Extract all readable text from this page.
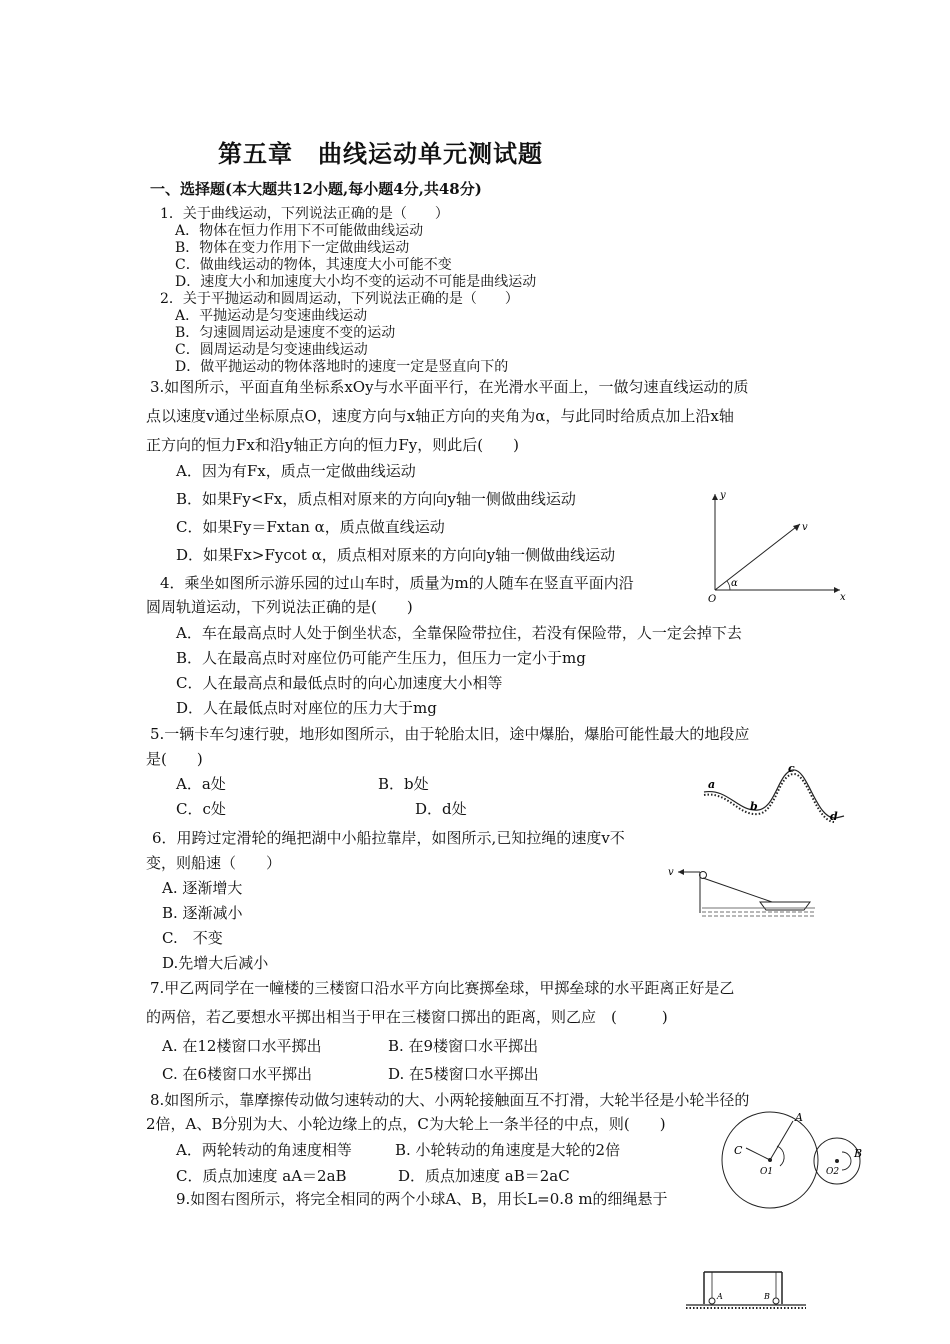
第五章　曲线运动单元测试题
一、选择题(本大题共12小题,每小题4分,共48分)
1．关于曲线运动，下列说法正确的是（　　）
A．物体在恒力作用下不可能做曲线运动
B．物体在变力作用下一定做曲线运动
C．做曲线运动的物体，其速度大小可能不变
D．速度大小和加速度大小均不变的运动不可能是曲线运动
2．关于平抛运动和圆周运动，下列说法正确的是（　　）
A．平抛运动是匀变速曲线运动
B．匀速圆周运动是速度不变的运动
C．圆周运动是匀变速曲线运动
D．做平抛运动的物体落地时的速度一定是竖直向下的
3.如图所示，平面直角坐标系xOy与水平面平行，在光滑水平面上，一做匀速直线运动的质
点以速度v通过坐标原点O，速度方向与x轴正方向的夹角为α，与此同时给质点加上沿x轴
正方向的恒力Fx和沿y轴正方向的恒力Fy，则此后(　　)
A．因为有Fx，质点一定做曲线运动
B．如果Fy<Fx，质点相对原来的方向向y轴一侧做曲线运动
C．如果Fy＝Fxtan α，质点做直线运动
D．如果Fx>Fycot α，质点相对原来的方向向y轴一侧做曲线运动
y
v
α
O	x
4．乘坐如图所示游乐园的过山车时，质量为m的人随车在竖直平面内沿
圆周轨道运动，下列说法正确的是(　　)
A．车在最高点时人处于倒坐状态，全靠保险带拉住，若没有保险带，人一定会掉下去
B．人在最高点时对座位仍可能产生压力，但压力一定小于mg
C．人在最高点和最低点时的向心加速度大小相等
D．人在最低点时对座位的压力大于mg
5.一辆卡车匀速行驶，地形如图所示，由于轮胎太旧，途中爆胎，爆胎可能性最大的地段应
是(　　)
A．a处	B．b处
C．c处	D．d处
a
b
c
d
6．用跨过定滑轮的绳把湖中小船拉靠岸，如图所示,已知拉绳的速度v不
变，则船速（　　）
A. 逐渐增大
B. 逐渐减小
C.　不变
D.先增大后减小
v
7.甲乙两同学在一幢楼的三楼窗口沿水平方向比赛掷垒球，甲掷垒球的水平距离正好是乙
的两倍，若乙要想水平掷出相当于甲在三楼窗口掷出的距离，则乙应　(　　　)
A. 在12楼窗口水平掷出	B. 在9楼窗口水平掷出
C. 在6楼窗口水平掷出	D. 在5楼窗口水平掷出
8.如图所示，靠摩擦传动做匀速转动的大、小两轮接触面互不打滑，大轮半径是小轮半径的
2倍，A、B分别为大、小轮边缘上的点，C为大轮上一条半径的中点，则(　　)
A．两轮转动的角速度相等	B. 小轮转动的角速度是大轮的2倍
C．质点加速度 aA＝2aB	D．质点加速度 aB＝2aC
A
B
C
O1	O2
9.如图右图所示，将完全相同的两个小球A、B，用长L=0.8 m的细绳悬于
A	B
